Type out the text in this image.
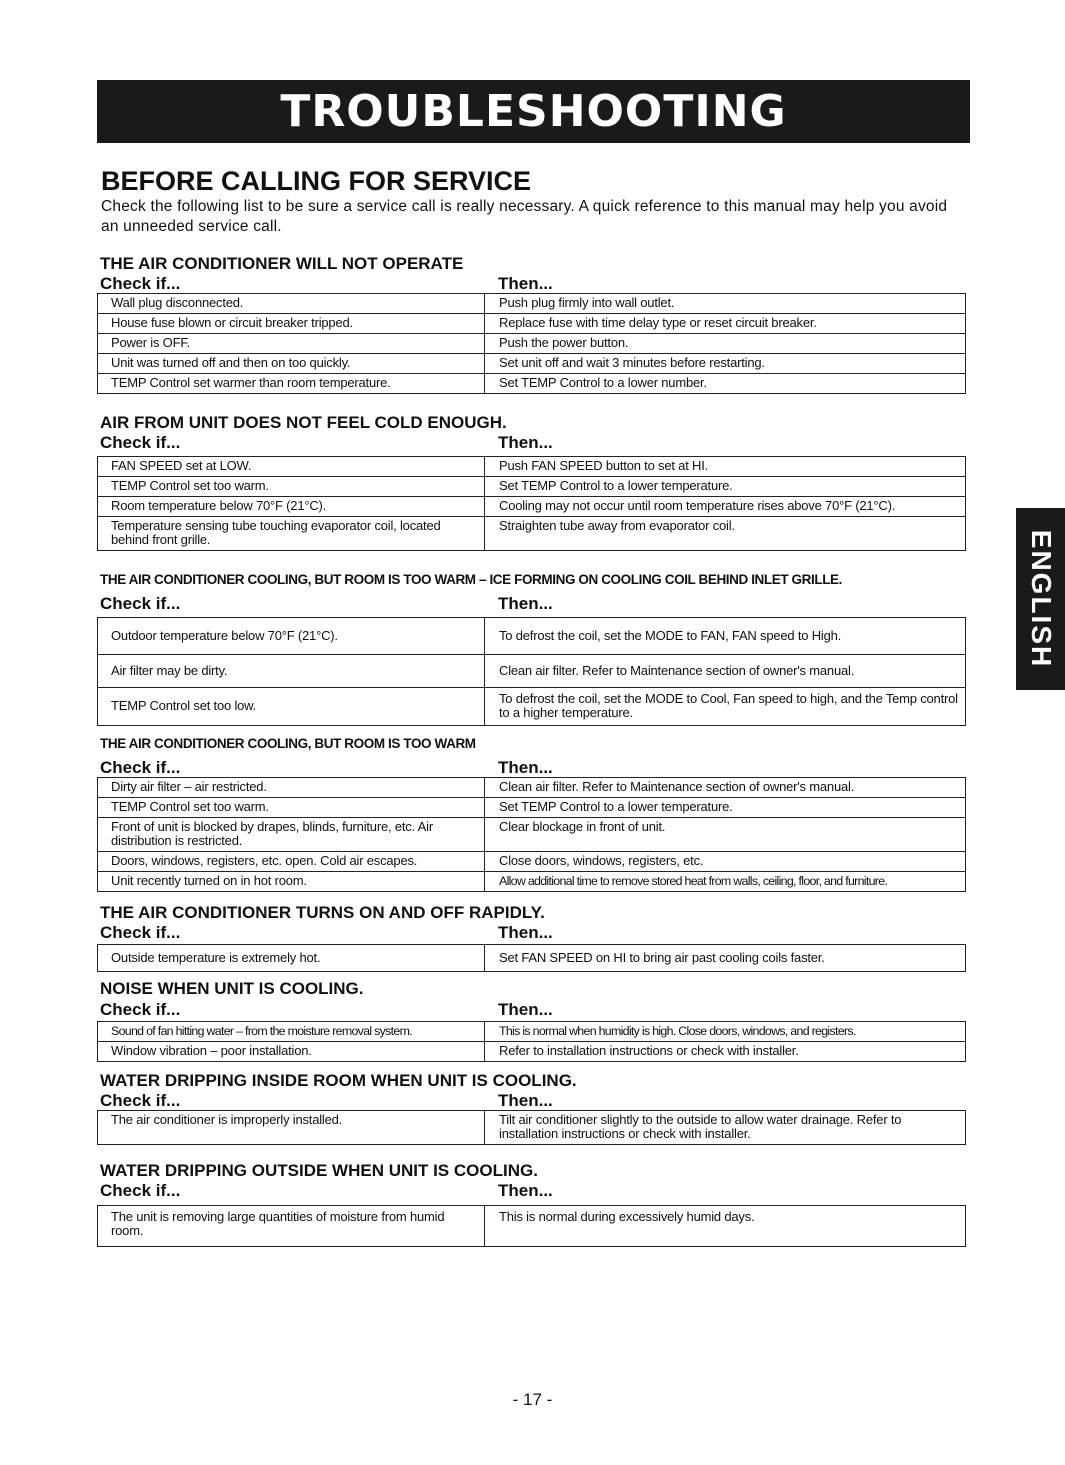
TROUBLESHOOTING
ENGLISH
BEFORE CALLING FOR SERVICE
Check the following list to be sure a service call is really necessary. A quick reference to this manual may help you avoid an unneeded service call.
THE AIR CONDITIONER WILL NOT OPERATE
Check if...	Then...
Wall plug disconnected.	Push plug firmly into wall outlet.
House fuse blown or circuit breaker tripped.	Replace fuse with time delay type or reset circuit breaker.
Power is OFF.	Push the power button.
Unit was turned off and then on too quickly.	Set unit off and wait 3 minutes before restarting.
TEMP Control set warmer than room temperature.	Set TEMP Control to a lower number.
AIR FROM UNIT DOES NOT FEEL COLD ENOUGH.
Check if...	Then...
FAN SPEED set at LOW.	Push FAN SPEED button to set at HI.
TEMP Control set too warm.	Set TEMP Control to a lower temperature.
Room temperature below 70°F (21°C).	Cooling may not occur until room temperature rises above 70°F (21°C).
Temperature sensing tube touching evaporator coil, located behind front grille.	Straighten tube away from evaporator coil.
THE AIR CONDITIONER COOLING, BUT ROOM IS TOO WARM – ICE FORMING ON COOLING COIL BEHIND INLET GRILLE.
Check if...	Then...
Outdoor temperature below 70°F (21°C).	To defrost the coil, set the MODE to FAN, FAN speed to High.
Air filter may be dirty.	Clean air filter. Refer to Maintenance section of owner's manual.
TEMP Control set too low.	To defrost the coil, set the MODE to Cool, Fan speed to high, and the Temp control to a higher temperature.
THE AIR CONDITIONER COOLING, BUT ROOM IS TOO WARM
Check if...	Then...
Dirty air filter – air restricted.	Clean air filter. Refer to Maintenance section of owner's manual.
TEMP Control set too warm.	Set TEMP Control to a lower temperature.
Front of unit is blocked by drapes, blinds, furniture, etc. Air distribution is restricted.	Clear blockage in front of unit.
Doors, windows, registers, etc. open. Cold air escapes.	Close doors, windows, registers, etc.
Unit recently turned on in hot room.	Allow additional time to remove stored heat from walls, ceiling, floor, and furniture.
THE AIR CONDITIONER TURNS ON AND OFF RAPIDLY.
Check if...	Then...
Outside temperature is extremely hot.	Set FAN SPEED on HI to bring air past cooling coils faster.
NOISE WHEN UNIT IS COOLING.
Check if...	Then...
Sound of fan hitting water – from the moisture removal system.	This is normal when humidity is high. Close doors, windows, and registers.
Window vibration – poor installation.	Refer to installation instructions or check with installer.
WATER DRIPPING INSIDE ROOM WHEN UNIT IS COOLING.
Check if...	Then...
The air conditioner is improperly installed.	Tilt air conditioner slightly to the outside to allow water drainage. Refer to installation instructions or check with installer.
WATER DRIPPING OUTSIDE WHEN UNIT IS COOLING.
Check if...	Then...
The unit is removing large quantities of moisture from humid room.	This is normal during excessively humid days.
- 17 -
